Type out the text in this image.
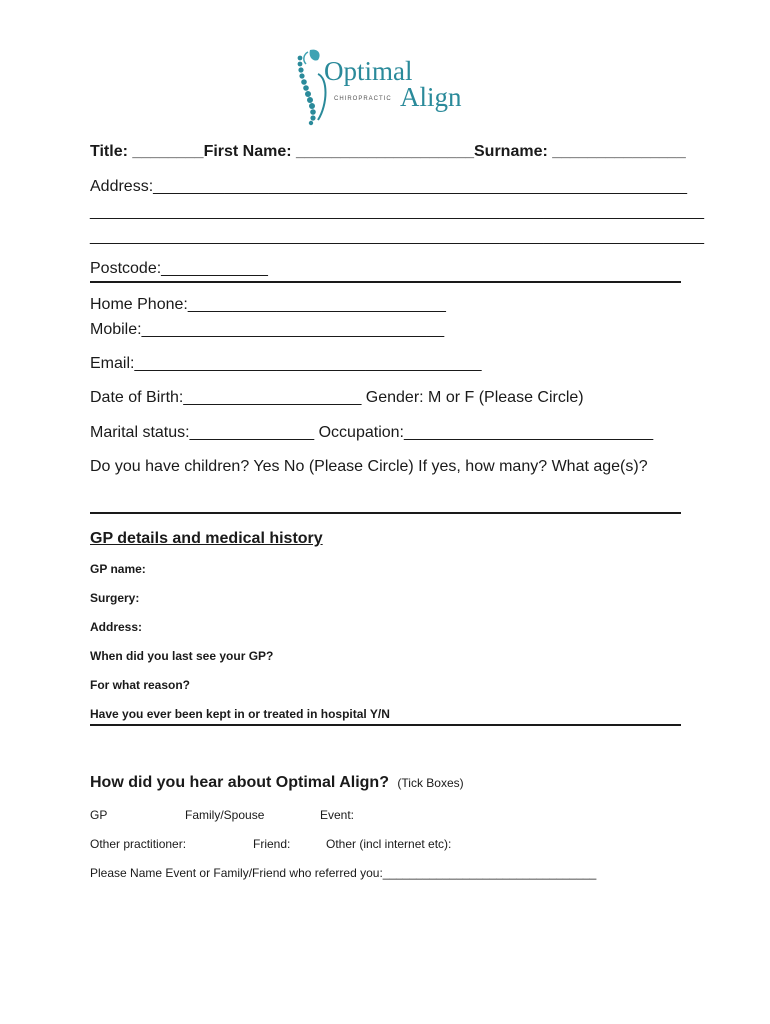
Optimal
CHIROPRACTIC Align
Title: ________First Name: ____________________Surname: _______________
Address:____________________________________________________________
_____________________________________________________________________
_____________________________________________________________________
Postcode:____________
Home Phone:_____________________________
Mobile:__________________________________
Email:_______________________________________
Date of Birth:____________________ Gender: M or F (Please Circle)
Marital status:______________ Occupation:____________________________
Do you have children? Yes No (Please Circle) If yes, how many? What age(s)?
GP details and medical history
GP name:
Surgery:
Address:
When did you last see your GP?
For what reason?
Have you ever been kept in or treated in hospital Y/N
How did you hear about Optimal Align? (Tick Boxes)
GP	Family/Spouse	Event:
Other practitioner:	Friend:	Other (incl internet etc):
Please Name Event or Family/Friend who referred you:________________________________
